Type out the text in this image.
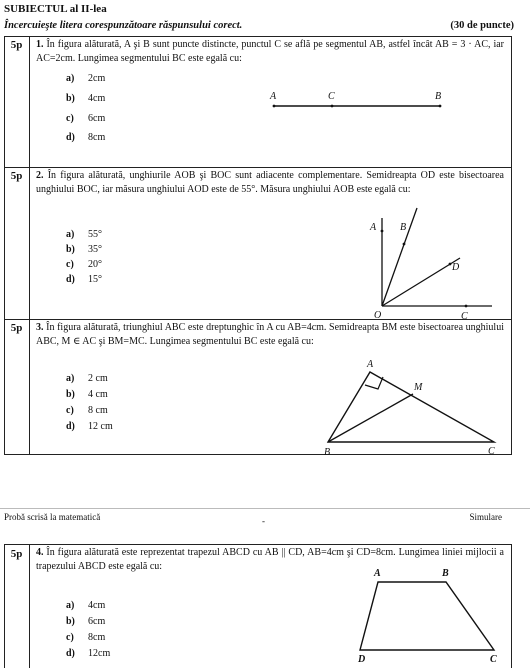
SUBIECTUL al II-lea
Încercuieşte litera corespunzătoare răspunsului corect.	(30 de puncte)
5p	1. În figura alăturată, A şi B sunt puncte distincte, punctul C se află pe segmentul AB, astfel încât AB = 3 · AC, iar AC=2cm. Lungimea segmentului BC este egală cu:
a) 2cm
b) 4cm
c) 6cm
d) 8cm
A	C	B
5p	2. În figura alăturată, unghiurile AOB şi BOC sunt adiacente complementare. Semidreapta OD este bisectoarea unghiului BOC, iar măsura unghiului AOD este de 55°. Măsura unghiului AOB este egală cu:
a) 55°
b) 35°
c) 20°
d) 15°
A B
D
O	C
5p	3. În figura alăturată, triunghiul ABC este dreptunghic în A cu AB=4cm. Semidreapta BM este bisectoarea unghiului ABC, M ∈ AC şi BM=MC. Lungimea segmentului BC este egală cu:
a) 2 cm
b) 4 cm
c) 8 cm
d) 12 cm
A
M
B	C
Probă scrisă la matematică	-	Simulare
5p	4. În figura alăturată este reprezentat trapezul ABCD cu AB || CD, AB=4cm şi CD=8cm. Lungimea liniei mijlocii a trapezului ABCD este egală cu:
a) 4cm
b) 6cm
c) 8cm
d) 12cm
A	B
D	C
